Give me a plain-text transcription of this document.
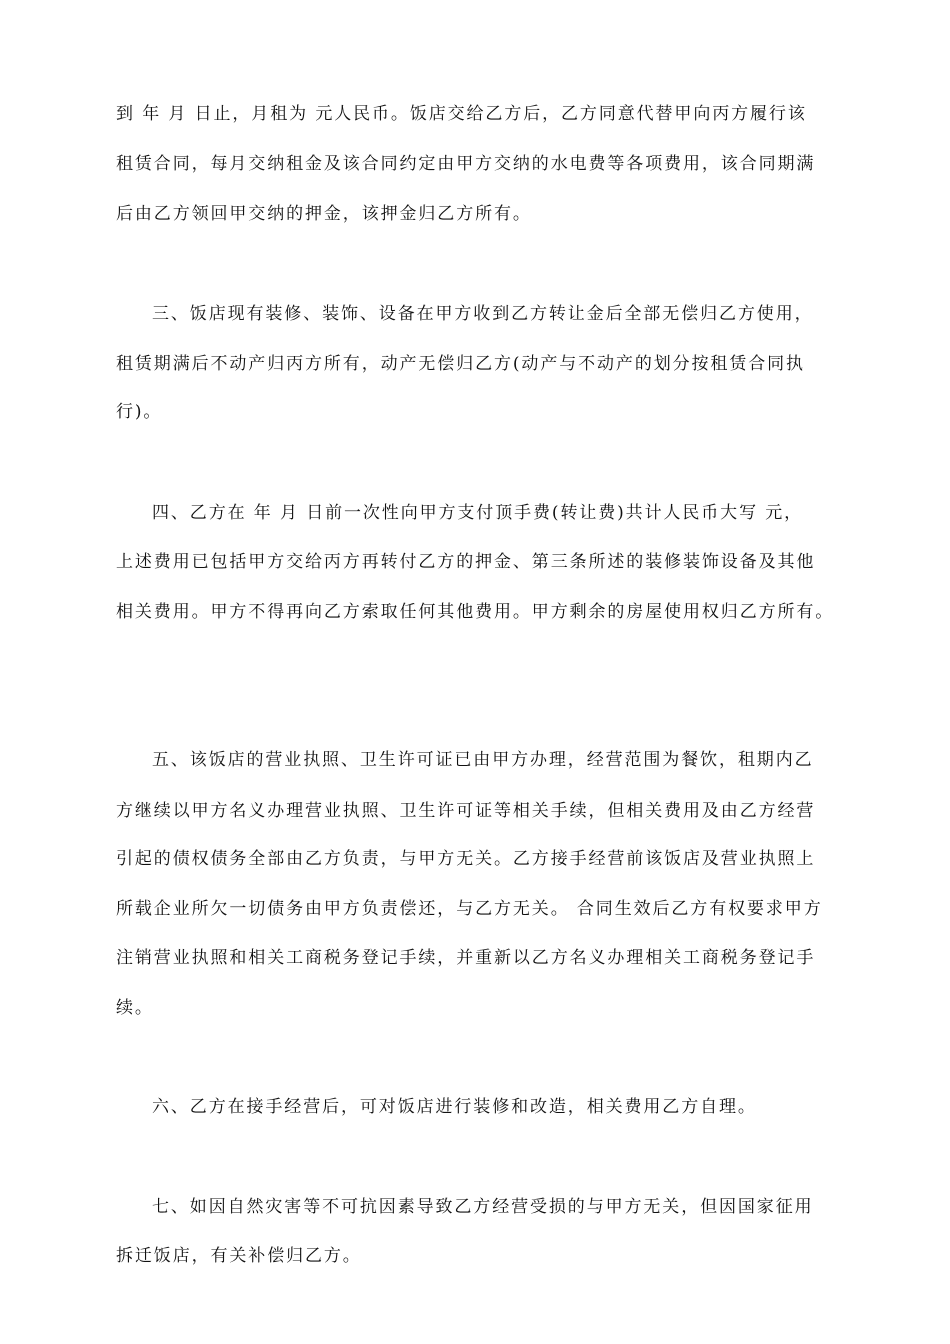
到 年 月 日止，月租为 元人民币。饭店交给乙方后，乙方同意代替甲向丙方履行该
租赁合同，每月交纳租金及该合同约定由甲方交纳的水电费等各项费用，该合同期满
后由乙方领回甲交纳的押金，该押金归乙方所有。
三、饭店现有装修、装饰、设备在甲方收到乙方转让金后全部无偿归乙方使用，
租赁期满后不动产归丙方所有，动产无偿归乙方(动产与不动产的划分按租赁合同执
行)。
四、乙方在 年 月 日前一次性向甲方支付顶手费(转让费)共计人民币大写 元，
上述费用已包括甲方交给丙方再转付乙方的押金、第三条所述的装修装饰设备及其他
相关费用。甲方不得再向乙方索取任何其他费用。甲方剩余的房屋使用权归乙方所有。
五、该饭店的营业执照、卫生许可证已由甲方办理，经营范围为餐饮，租期内乙
方继续以甲方名义办理营业执照、卫生许可证等相关手续，但相关费用及由乙方经营
引起的债权债务全部由乙方负责，与甲方无关。乙方接手经营前该饭店及营业执照上
所载企业所欠一切债务由甲方负责偿还，与乙方无关。 合同生效后乙方有权要求甲方
注销营业执照和相关工商税务登记手续，并重新以乙方名义办理相关工商税务登记手
续。
六、乙方在接手经营后，可对饭店进行装修和改造，相关费用乙方自理。
七、如因自然灾害等不可抗因素导致乙方经营受损的与甲方无关，但因国家征用
拆迁饭店，有关补偿归乙方。
